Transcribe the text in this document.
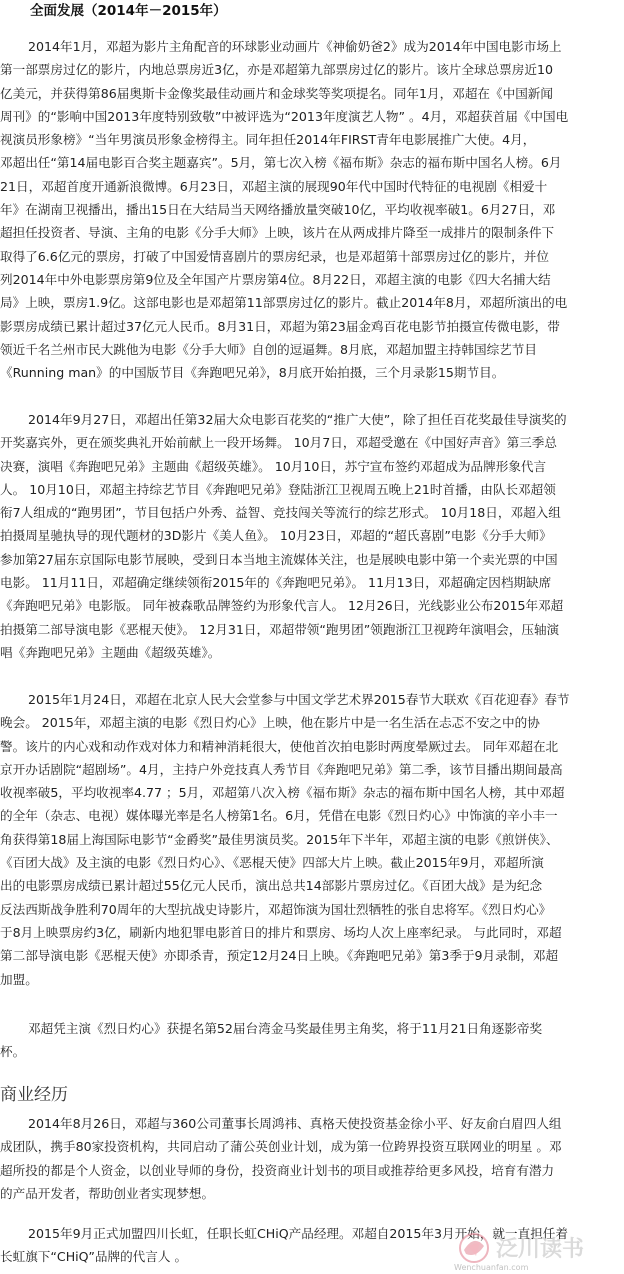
全面发展（2014年－2015年）
2014年1月，邓超为影片主角配音的环球影业动画片《神偷奶爸2》成为2014年中国电影市场上
第一部票房过亿的影片，内地总票房近3亿，亦是邓超第九部票房过亿的影片。该片全球总票房近10
亿美元，并获得第86届奥斯卡金像奖最佳动画片和金球奖等奖项提名。同年1月，邓超在《中国新闻
周刊》的“影响中国2013年度特别致敬”中被评选为“2013年度演艺人物” 。4月，邓超获首届《中国电
视演员形象榜》“当年男演员形象金榜得主。同年担任2014年FIRST青年电影展推广大使。4月，
邓超出任“第14届电影百合奖主题嘉宾”。5月，第七次入榜《福布斯》杂志的福布斯中国名人榜。6月
21日，邓超首度开通新浪微博。6月23日，邓超主演的展现90年代中国时代特征的电视剧《相爱十
年》在湖南卫视播出，播出15日在大结局当天网络播放量突破10亿，平均收视率破1。6月27日，邓
超担任投资者、导演、主角的电影《分手大师》上映，该片在从两成排片降至一成排片的限制条件下
取得了6.6亿元的票房，打破了中国爱情喜剧片的票房纪录，也是邓超第十部票房过亿的影片，并位
列2014年中外电影票房第9位及全年国产片票房第4位。8月22日，邓超主演的电影《四大名捕大结
局》上映，票房1.9亿。这部电影也是邓超第11部票房过亿的影片。截止2014年8月，邓超所演出的电
影票房成绩已累计超过37亿元人民币。8月31日，邓超为第23届金鸡百花电影节拍摄宣传微电影，带
领近千名兰州市民大跳他为电影《分手大师》自创的逗逼舞。8月底，邓超加盟主持韩国综艺节目
《Running man》的中国版节目《奔跑吧兄弟》，8月底开始拍摄，三个月录影15期节目。
2014年9月27日，邓超出任第32届大众电影百花奖的“推广大使”，除了担任百花奖最佳导演奖的
开奖嘉宾外，更在颁奖典礼开始前献上一段开场舞。 10月7日，邓超受邀在《中国好声音》第三季总
决赛，演唱《奔跑吧兄弟》主题曲《超级英雄》。 10月10日，苏宁宣布签约邓超成为品牌形象代言
人。 10月10日，邓超主持综艺节目《奔跑吧兄弟》登陆浙江卫视周五晚上21时首播，由队长邓超领
衔7人组成的“跑男团”，节目包括户外秀、益智、竞技闯关等流行的综艺形式。 10月18日，邓超入组
拍摄周星驰执导的现代题材的3D影片《美人鱼》。 10月23日，邓超的“超氏喜剧”电影《分手大师》
参加第27届东京国际电影节展映，受到日本当地主流媒体关注，也是展映电影中第一个卖光票的中国
电影。 11月11日，邓超确定继续领衔2015年的《奔跑吧兄弟》。 11月13日，邓超确定因档期缺席
《奔跑吧兄弟》电影版。 同年被森歌品牌签约为形象代言人。 12月26日，光线影业公布2015年邓超
拍摄第二部导演电影《恶棍天使》。 12月31日，邓超带领“跑男团”领跑浙江卫视跨年演唱会，压轴演
唱《奔跑吧兄弟》主题曲《超级英雄》。
2015年1月24日，邓超在北京人民大会堂参与中国文学艺术界2015春节大联欢《百花迎春》春节
晚会。 2015年，邓超主演的电影《烈日灼心》上映，他在影片中是一名生活在忐忑不安之中的协
警。该片的内心戏和动作戏对体力和精神消耗很大，使他首次拍电影时两度晕厥过去。 同年邓超在北
京开办话剧院“超剧场”。4月，主持户外竞技真人秀节目《奔跑吧兄弟》第二季，该节目播出期间最高
收视率破5，平均收视率4.77 ；5月，邓超第八次入榜《福布斯》杂志的福布斯中国名人榜，其中邓超
的全年（杂志、电视）媒体曝光率是名人榜第1名。6月，凭借在电影《烈日灼心》中饰演的辛小丰一
角获得第18届上海国际电影节“金爵奖”最佳男演员奖。2015年下半年，邓超主演的电影《煎饼侠》、
《百团大战》及主演的电影《烈日灼心》、《恶棍天使》四部大片上映。截止2015年9月，邓超所演
出的电影票房成绩已累计超过55亿元人民币，演出总共14部影片票房过亿。《百团大战》是为纪念
反法西斯战争胜利70周年的大型抗战史诗影片，邓超饰演为国壮烈牺牲的张自忠将军。《烈日灼心》
于8月上映票房约3亿，刷新内地犯罪电影首日的排片和票房、场均人次上座率纪录。 与此同时，邓超
第二部导演电影《恶棍天使》亦即杀青，预定12月24日上映。《奔跑吧兄弟》第3季于9月录制，邓超
加盟。
邓超凭主演《烈日灼心》获提名第52届台湾金马奖最佳男主角奖，将于11月21日角逐影帝奖
杯。
商业经历
2014年8月26日，邓超与360公司董事长周鸿祎、真格天使投资基金徐小平、好友俞白眉四人组
成团队，携手80家投资机构，共同启动了蒲公英创业计划，成为第一位跨界投资互联网业的明星 。邓
超所投的都是个人资金，以创业导师的身份，投资商业计划书的项目或推荐给更多风投，培育有潜力
的产品开发者，帮助创业者实现梦想。
2015年9月正式加盟四川长虹，任职长虹CHiQ产品经理。邓超自2015年3月开始，就一直担任着
长虹旗下“CHiQ”品牌的代言人 。	泛川读书
Wenchuanfan.com
